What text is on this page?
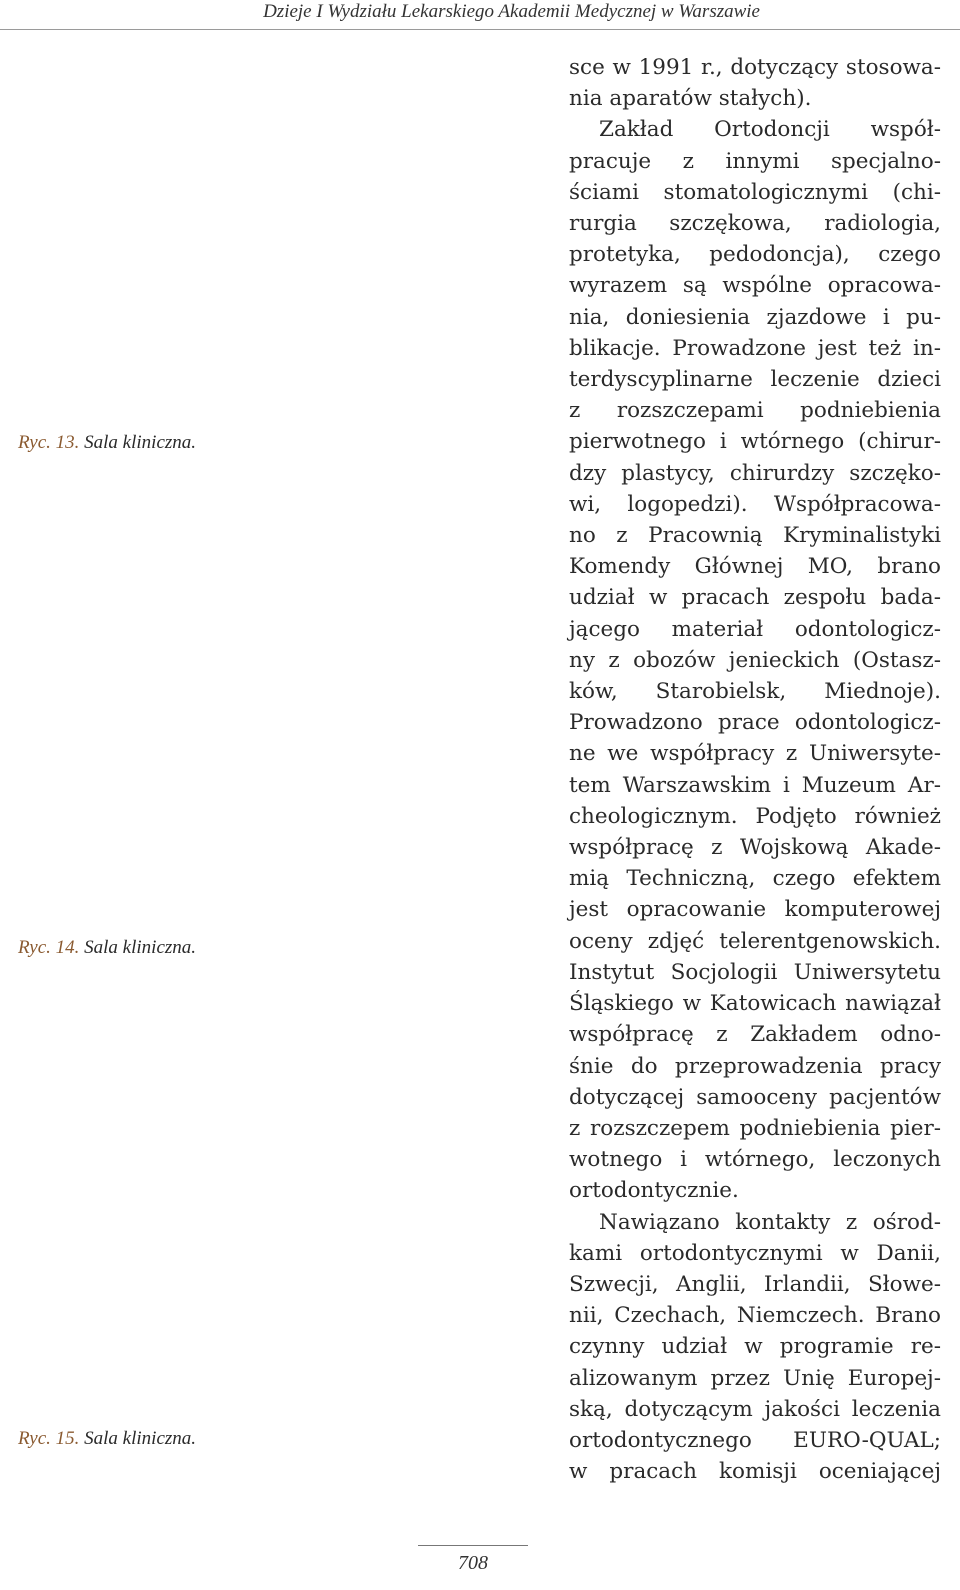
Dzieje I Wydziału Lekarskiego Akademii Medycznej w Warszawie
Ryc. 13. Sala kliniczna.
Ryc. 14. Sala kliniczna.
Ryc. 15. Sala kliniczna.
sce w 1991 r., dotyczący stosowa-
nia aparatów stałych).
Zakład Ortodoncji współ-
pracuje z innymi specjalno-
ściami stomatologicznymi (chi-
rurgia szczękowa, radiologia,
protetyka, pedodoncja), czego
wyrazem są wspólne opracowa-
nia, doniesienia zjazdowe i pu-
blikacje. Prowadzone jest też in-
terdyscyplinarne leczenie dzieci
z rozszczepami podniebienia
pierwotnego i wtórnego (chirur-
dzy plastycy, chirurdzy szczęko-
wi, logopedzi). Współpracowa-
no z Pracownią Kryminalistyki
Komendy Głównej MO, brano
udział w pracach zespołu bada-
jącego materiał odontologicz-
ny z obozów jenieckich (Ostasz-
ków, Starobielsk, Miednoje).
Prowadzono prace odontologicz-
ne we współpracy z Uniwersyte-
tem Warszawskim i Muzeum Ar-
cheologicznym. Podjęto również
współpracę z Wojskową Akade-
mią Techniczną, czego efektem
jest opracowanie komputerowej
oceny zdjęć telerentgenowskich.
Instytut Socjologii Uniwersytetu
Śląskiego w Katowicach nawiązał
współpracę z Zakładem odno-
śnie do przeprowadzenia pracy
dotyczącej samooceny pacjentów
z rozszczepem podniebienia pier-
wotnego i wtórnego, leczonych
ortodontycznie.
Nawiązano kontakty z ośrod-
kami ortodontycznymi w Danii,
Szwecji, Anglii, Irlandii, Słowe-
nii, Czechach, Niemczech. Brano
czynny udział w programie re-
alizowanym przez Unię Europej-
ską, dotyczącym jakości leczenia
ortodontycznego EURO-QUAL;
w pracach komisji oceniającej
708
